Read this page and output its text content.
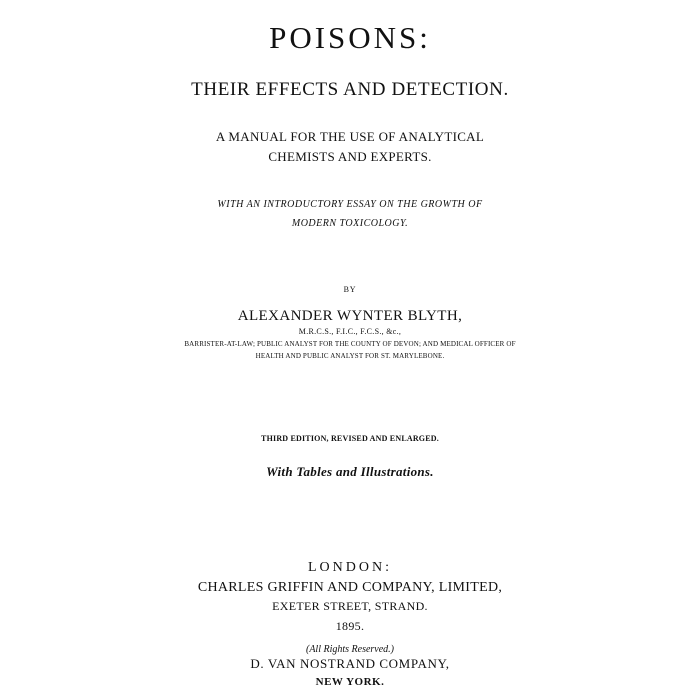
POISONS:
THEIR EFFECTS AND DETECTION.
A MANUAL FOR THE USE OF ANALYTICAL
CHEMISTS AND EXPERTS.
WITH AN INTRODUCTORY ESSAY ON THE GROWTH OF
MODERN TOXICOLOGY.
BY
ALEXANDER WYNTER BLYTH,
M.R.C.S., F.I.C., F.C.S., &c.,
BARRISTER-AT-LAW; PUBLIC ANALYST FOR THE COUNTY OF DEVON; AND MEDICAL OFFICER OF
HEALTH AND PUBLIC ANALYST FOR ST. MARYLEBONE.
THIRD EDITION, REVISED AND ENLARGED.
With Tables and Illustrations.
LONDON:
CHARLES GRIFFIN AND COMPANY, LIMITED,
EXETER STREET, STRAND.
1895.
(All Rights Reserved.)
D. VAN NOSTRAND COMPANY,
NEW YORK.
